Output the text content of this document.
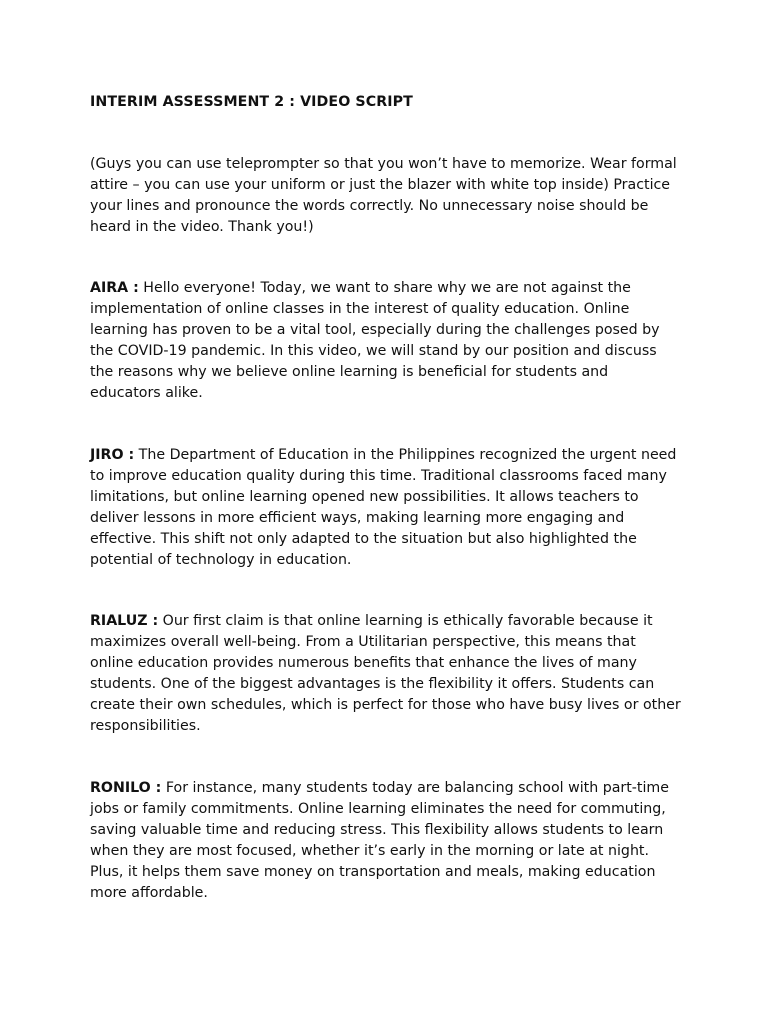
INTERIM ASSESSMENT 2 : VIDEO SCRIPT
(Guys you can use teleprompter so that you won’t have to memorize. Wear formal attire – you can use your uniform or just the blazer with white top inside) Practice your lines and pronounce the words correctly. No unnecessary noise should be heard in the video. Thank you!)
AIRA : Hello everyone! Today, we want to share why we are not against the implementation of online classes in the interest of quality education. Online learning has proven to be a vital tool, especially during the challenges posed by the COVID-19 pandemic. In this video, we will stand by our position and discuss the reasons why we believe online learning is beneficial for students and educators alike.
JIRO : The Department of Education in the Philippines recognized the urgent need to improve education quality during this time. Traditional classrooms faced many limitations, but online learning opened new possibilities. It allows teachers to deliver lessons in more efficient ways, making learning more engaging and effective. This shift not only adapted to the situation but also highlighted the potential of technology in education.
RIALUZ : Our first claim is that online learning is ethically favorable because it maximizes overall well-being. From a Utilitarian perspective, this means that online education provides numerous benefits that enhance the lives of many students. One of the biggest advantages is the flexibility it offers. Students can create their own schedules, which is perfect for those who have busy lives or other responsibilities.
RONILO : For instance, many students today are balancing school with part-time jobs or family commitments. Online learning eliminates the need for commuting, saving valuable time and reducing stress. This flexibility allows students to learn when they are most focused, whether it’s early in the morning or late at night. Plus, it helps them save money on transportation and meals, making education more affordable.
